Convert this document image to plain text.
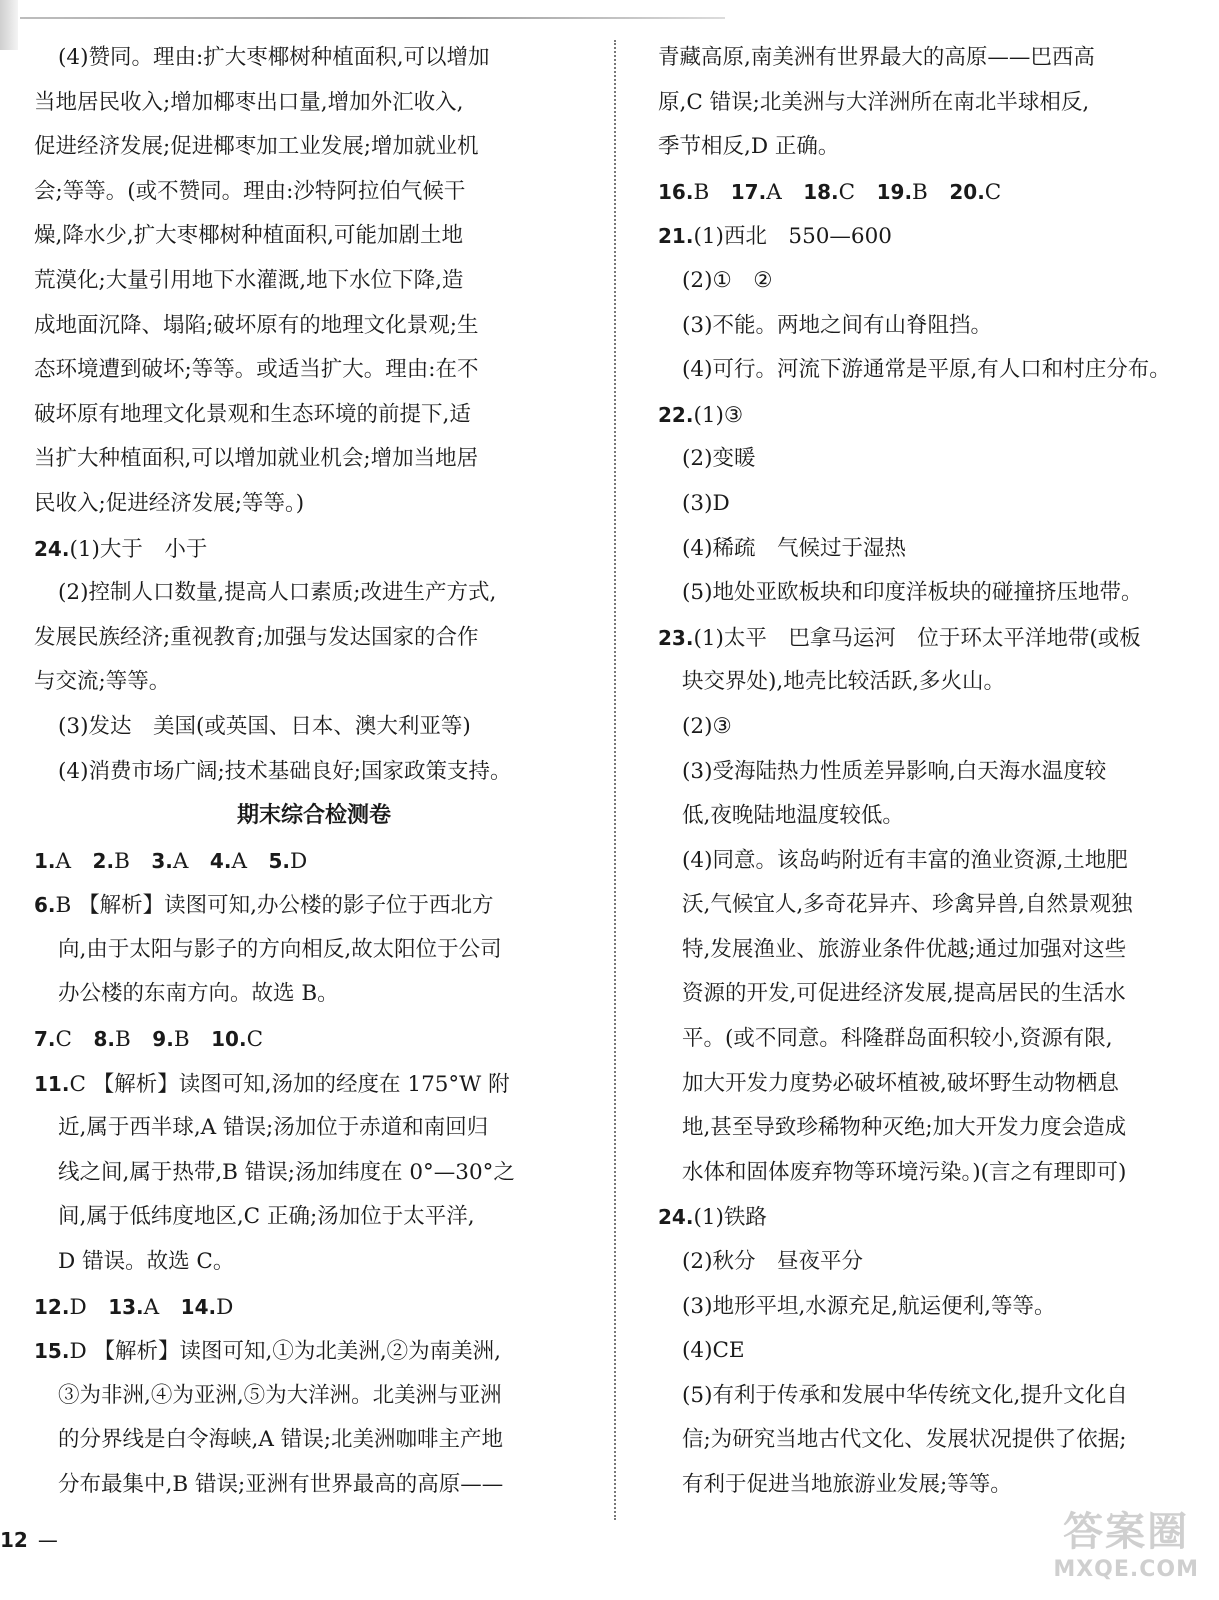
(4)赞同。理由:扩大枣椰树种植面积,可以增加
当地居民收入;增加椰枣出口量,增加外汇收入,
促进经济发展;促进椰枣加工业发展;增加就业机
会;等等。(或不赞同。理由:沙特阿拉伯气候干
燥,降水少,扩大枣椰树种植面积,可能加剧土地
荒漠化;大量引用地下水灌溉,地下水位下降,造
成地面沉降、塌陷;破坏原有的地理文化景观;生
态环境遭到破坏;等等。或适当扩大。理由:在不
破坏原有地理文化景观和生态环境的前提下,适
当扩大种植面积,可以增加就业机会;增加当地居
民收入;促进经济发展;等等。)
24.(1)大于　小于
(2)控制人口数量,提高人口素质;改进生产方式,
发展民族经济;重视教育;加强与发达国家的合作
与交流;等等。
(3)发达　美国(或英国、日本、澳大利亚等)
(4)消费市场广阔;技术基础良好;国家政策支持。
期末综合检测卷
1.A　2.B　3.A　4.A　5.D
6.B 【解析】读图可知,办公楼的影子位于西北方
向,由于太阳与影子的方向相反,故太阳位于公司
办公楼的东南方向。故选 B。
7.C　8.B　9.B　10.C
11.C 【解析】读图可知,汤加的经度在 175°W 附
近,属于西半球,A 错误;汤加位于赤道和南回归
线之间,属于热带,B 错误;汤加纬度在 0°—30°之
间,属于低纬度地区,C 正确;汤加位于太平洋,
D 错误。故选 C。
12.D　13.A　14.D
15.D 【解析】读图可知,①为北美洲,②为南美洲,
③为非洲,④为亚洲,⑤为大洋洲。北美洲与亚洲
的分界线是白令海峡,A 错误;北美洲咖啡主产地
分布最集中,B 错误;亚洲有世界最高的高原——
青藏高原,南美洲有世界最大的高原——巴西高
原,C 错误;北美洲与大洋洲所在南北半球相反,
季节相反,D 正确。
16.B　17.A　18.C　19.B　20.C
21.(1)西北　550—600
(2)①　②
(3)不能。两地之间有山脊阻挡。
(4)可行。河流下游通常是平原,有人口和村庄分布。
22.(1)③
(2)变暖
(3)D
(4)稀疏　气候过于湿热
(5)地处亚欧板块和印度洋板块的碰撞挤压地带。
23.(1)太平　巴拿马运河　位于环太平洋地带(或板
块交界处),地壳比较活跃,多火山。
(2)③
(3)受海陆热力性质差异影响,白天海水温度较
低,夜晚陆地温度较低。
(4)同意。该岛屿附近有丰富的渔业资源,土地肥
沃,气候宜人,多奇花异卉、珍禽异兽,自然景观独
特,发展渔业、旅游业条件优越;通过加强对这些
资源的开发,可促进经济发展,提高居民的生活水
平。(或不同意。科隆群岛面积较小,资源有限,
加大开发力度势必破坏植被,破坏野生动物栖息
地,甚至导致珍稀物种灭绝;加大开发力度会造成
水体和固体废弃物等环境污染。)(言之有理即可)
24.(1)铁路
(2)秋分　昼夜平分
(3)地形平坦,水源充足,航运便利,等等。
(4)CE
(5)有利于传承和发展中华传统文化,提升文化自
信;为研究当地古代文化、发展状况提供了依据;
有利于促进当地旅游业发展;等等。
12 —	答案圈
MXQE.COM
